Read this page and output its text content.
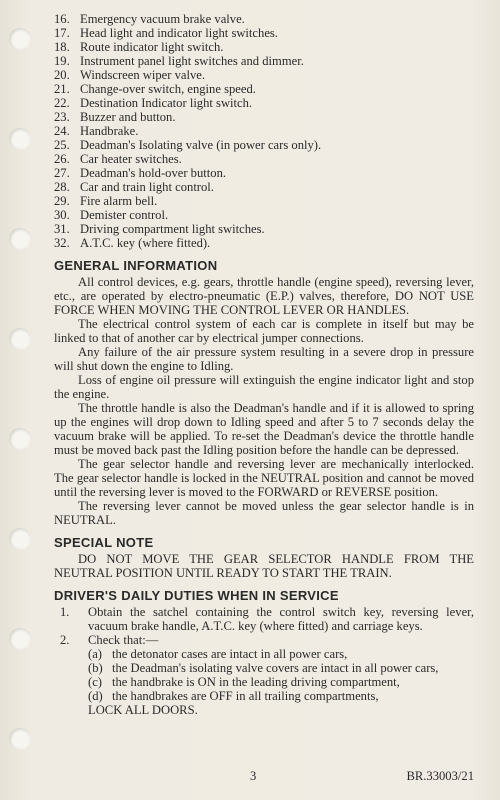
16. Emergency vacuum brake valve.
17. Head light and indicator light switches.
18. Route indicator light switch.
19. Instrument panel light switches and dimmer.
20. Windscreen wiper valve.
21. Change-over switch, engine speed.
22. Destination Indicator light switch.
23. Buzzer and button.
24. Handbrake.
25. Deadman's Isolating valve (in power cars only).
26. Car heater switches.
27. Deadman's hold-over button.
28. Car and train light control.
29. Fire alarm bell.
30. Demister control.
31. Driving compartment light switches.
32. A.T.C. key (where fitted).
GENERAL INFORMATION

All control devices, e.g. gears, throttle handle (engine speed), reversing lever, etc., are operated by electro-pneumatic (E.P.) valves, therefore, DO NOT USE FORCE WHEN MOVING THE CONTROL LEVER OR HANDLES.

The electrical control system of each car is complete in itself but may be linked to that of another car by electrical jumper connections.

Any failure of the air pressure system resulting in a severe drop in pressure will shut down the engine to Idling.

Loss of engine oil pressure will extinguish the engine indicator light and stop the engine.

The throttle handle is also the Deadman's handle and if it is allowed to spring up the engines will drop down to Idling speed and after 5 to 7 seconds delay the vacuum brake will be applied. To re-set the Deadman's device the throttle handle must be moved back past the Idling position before the handle can be depressed.

The gear selector handle and reversing lever are mechanically interlocked. The gear selector handle is locked in the NEUTRAL position and cannot be moved until the reversing lever is moved to the FORWARD or REVERSE position.

The reversing lever cannot be moved unless the gear selector handle is in NEUTRAL.

SPECIAL NOTE
DO NOT MOVE THE GEAR SELECTOR HANDLE FROM THE NEUTRAL POSITION UNTIL READY TO START THE TRAIN.
DRIVER'S DAILY DUTIES WHEN IN SERVICE
1.	Obtain the satchel containing the control switch key, reversing lever, vacuum brake handle, A.T.C. key (where fitted) and carriage keys.
2.	Check that:—
(a) the detonator cases are intact in all power cars,
(b) the Deadman's isolating valve covers are intact in all power cars,
(c) the handbrake is ON in the leading driving compartment,
(d) the handbrakes are OFF in all trailing compartments,
LOCK ALL DOORS.
3	BR.33003/21
